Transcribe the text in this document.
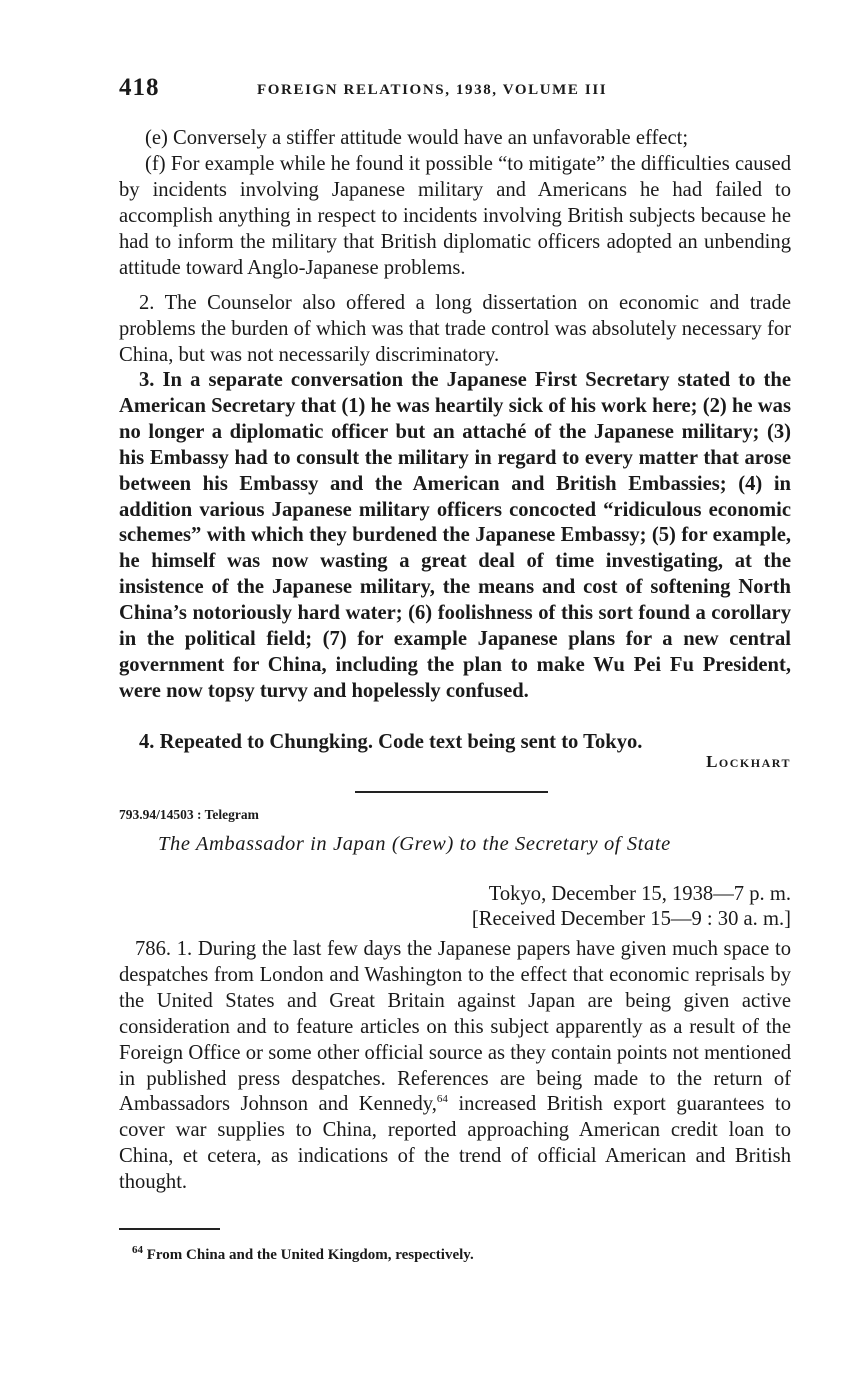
418	FOREIGN RELATIONS, 1938, VOLUME III

(e) Conversely a stiffer attitude would have an unfavorable effect;

(f) For example while he found it possible “to mitigate” the difficulties caused by incidents involving Japanese military and Americans he had failed to accomplish anything in respect to incidents involving British subjects because he had to inform the military that British diplomatic officers adopted an unbending attitude toward Anglo-Japanese problems.

2. The Counselor also offered a long dissertation on economic and trade problems the burden of which was that trade control was absolutely necessary for China, but was not necessarily discriminatory.

3. In a separate conversation the Japanese First Secretary stated to the American Secretary that (1) he was heartily sick of his work here; (2) he was no longer a diplomatic officer but an attaché of the Japanese military; (3) his Embassy had to consult the military in regard to every matter that arose between his Embassy and the American and British Embassies; (4) in addition various Japanese military officers concocted “ridiculous economic schemes” with which they burdened the Japanese Embassy; (5) for example, he himself was now wasting a great deal of time investigating, at the insistence of the Japanese military, the means and cost of softening North China’s notoriously hard water; (6) foolishness of this sort found a corollary in the political field; (7) for example Japanese plans for a new central government for China, including the plan to make Wu Pei Fu President, were now topsy turvy and hopelessly confused.

4. Repeated to Chungking. Code text being sent to Tokyo.

Lockhart
793.94/14503 : Telegram
The Ambassador in Japan (Grew) to the Secretary of State
Tokyo, December 15, 1938—7 p. m.
[Received December 15—9 : 30 a. m.]

786. 1. During the last few days the Japanese papers have given much space to despatches from London and Washington to the effect that economic reprisals by the United States and Great Britain against Japan are being given active consideration and to feature articles on this subject apparently as a result of the Foreign Office or some other official source as they contain points not mentioned in published press despatches. References are being made to the return of Ambassadors Johnson and Kennedy,$^{64}$ increased British export guarantees to cover war supplies to China, reported approaching American credit loan to China, et cetera, as indications of the trend of official American and British thought.

$^{64}$ From China and the United Kingdom, respectively.
